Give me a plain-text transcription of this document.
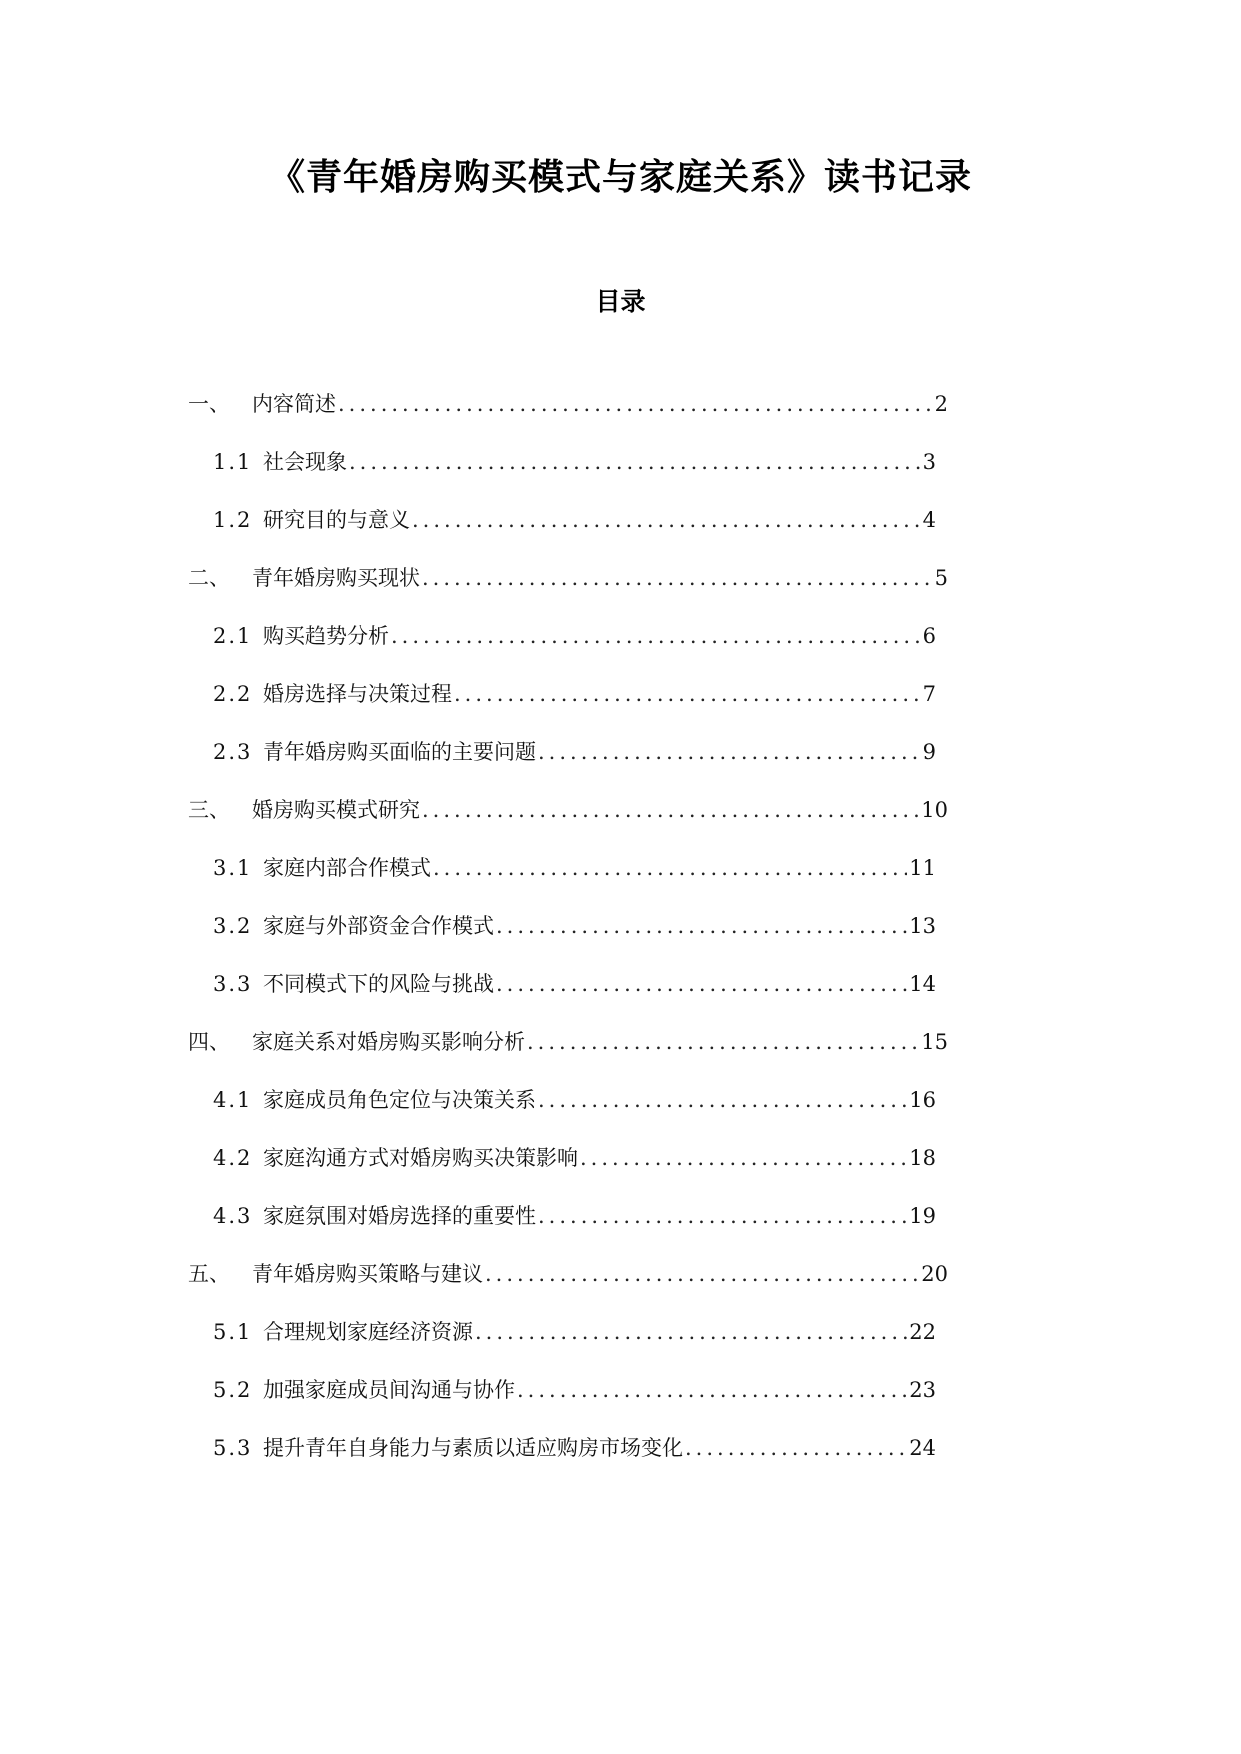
《青年婚房购买模式与家庭关系》读书记录
目录
一、	内容简述 .....	2
1.1 社会现象 .....	3
1.2 研究目的与意义 .....	4
二、	青年婚房购买现状 .....	5
2.1 购买趋势分析 .....	6
2.2 婚房选择与决策过程 .....	7
2.3 青年婚房购买面临的主要问题 .....	9
三、	婚房购买模式研究 .....	10
3.1 家庭内部合作模式 .....	11
3.2 家庭与外部资金合作模式 .....	13
3.3 不同模式下的风险与挑战 .....	14
四、	家庭关系对婚房购买影响分析 .....	15
4.1 家庭成员角色定位与决策关系 .....	16
4.2 家庭沟通方式对婚房购买决策影响 .....	18
4.3 家庭氛围对婚房选择的重要性 .....	19
五、	青年婚房购买策略与建议 .....	20
5.1 合理规划家庭经济资源 .....	22
5.2 加强家庭成员间沟通与协作 .....	23
5.3 提升青年自身能力与素质以适应购房市场变化 .....	24
